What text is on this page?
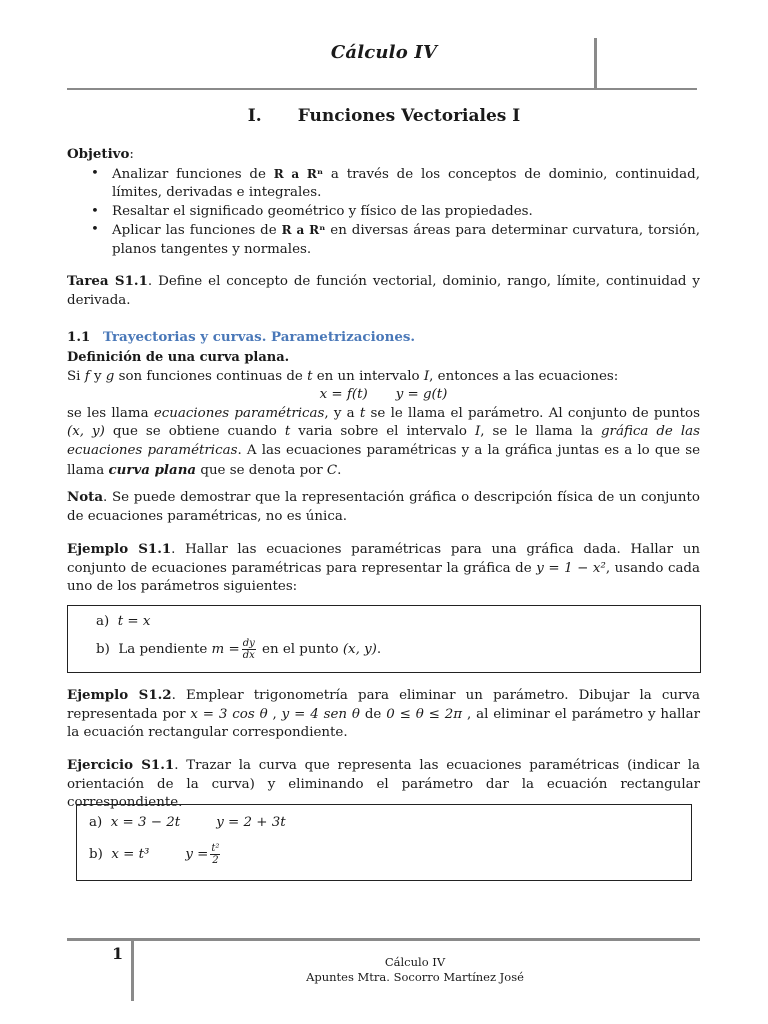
Cálculo IV
I. Funciones Vectoriales I
Objetivo:
• Analizar funciones de R a Rⁿ a través de los conceptos de dominio, continuidad, límites, derivadas e integrales.
• Resaltar el significado geométrico y físico de las propiedades.
• Aplicar las funciones de R a Rⁿ en diversas áreas para determinar curvatura, torsión, planos tangentes y normales.
Tarea S1.1. Define el concepto de función vectorial, dominio, rango, límite, continuidad y derivada.
1.1 Trayectorias y curvas. Parametrizaciones.
Definición de una curva plana.
Si f y g son funciones continuas de t en un intervalo I, entonces a las ecuaciones:
x = f(t) y = g(t)
se les llama ecuaciones paramétricas, y a t se le llama el parámetro. Al conjunto de puntos (x, y) que se obtiene cuando t varia sobre el intervalo I, se le llama la gráfica de las ecuaciones paramétricas. A las ecuaciones paramétricas y a la gráfica juntas es a lo que se llama curva plana que se denota por C.
Nota. Se puede demostrar que la representación gráfica o descripción física de un conjunto de ecuaciones paramétricas, no es única.
Ejemplo S1.1. Hallar las ecuaciones paramétricas para una gráfica dada. Hallar un conjunto de ecuaciones paramétricas para representar la gráfica de y = 1 − x², usando cada uno de los parámetros siguientes:
a) t = x
b) La pendiente $m = \frac{dy}{dx}$ en el punto (x, y).
Ejemplo S1.2. Emplear trigonometría para eliminar un parámetro. Dibujar la curva representada por x = 3 cos θ , y = 4 sen θ de 0 ≤ θ ≤ 2π , al eliminar el parámetro y hallar la ecuación rectangular correspondiente.
Ejercicio S1.1. Trazar la curva que representa las ecuaciones paramétricas (indicar la orientación de la curva) y eliminando el parámetro dar la ecuación rectangular correspondiente.
a) x = 3 − 2t	y = 2 + 3t
b) x = t³	$y = \frac{\text{t²}}{2}$
1	Cálculo IV
Apuntes Mtra. Socorro Martínez José
